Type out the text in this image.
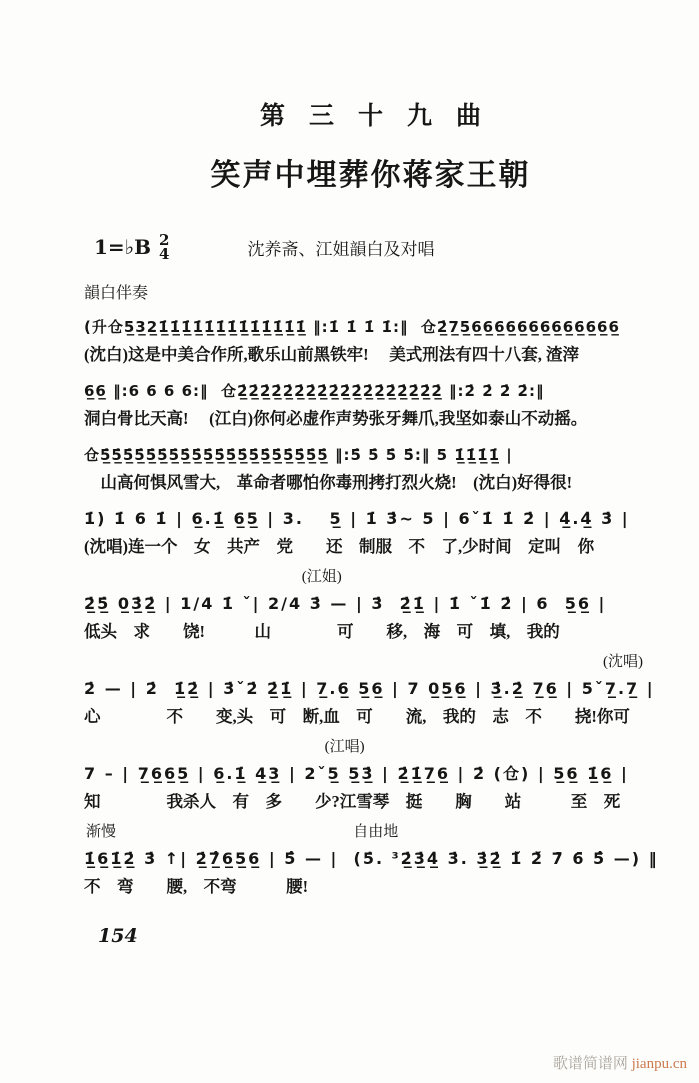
第三十九曲
笑声中埋葬你蒋家王朝
1=♭B 2
4	沈养斋、江姐韻白及对唱
韻白伴奏
(升仓5̲3̲2̲1̲̇1̲̇1̲̇1̲̇1̲̇1̲̇1̲̇1̲̇1̲̇1̲̇1̲̇1̲̇1̲̇ ‖:1̇ 1̇ 1̇ 1̇:‖  仓2̲̇7̲5̲6̲6̲6̲6̲6̲6̲6̲6̲6̲6̲6̲6̲6̲
(沈白)这是中美合作所,歌乐山前黑铁牢!　 美式刑法有四十八套, 渣滓
6̲6̲ ‖:6 6 6 6:‖  仓2̲̇2̲̇2̲̇2̲̇2̲̇2̲̇2̲̇2̲̇2̲̇2̲̇2̲̇2̲̇2̲̇2̲̇2̲̇2̲̇2̲̇2̲̇ ‖:2̇ 2̇ 2̇ 2̇:‖
洞白骨比天高!　 (江白)你何必虚作声势张牙舞爪,我坚如泰山不动摇。
仓5̲̇5̲̇5̲̇5̲̇5̲̇5̲̇5̲̇5̲̇5̲̇5̲̇5̲̇5̲̇5̲̇5̲̇5̲̇5̲̇5̲̇5̲̇5̲̇5̲̇ ‖:5̇ 5̇ 5̇ 5̇:‖ 5 1̲̇1̲̇1̲̇1̲̇ |
　山高何惧风雪大,　革命者哪怕你毒刑拷打烈火烧!　(沈白)好得很!
1̇) 1̇ 6 1̇ | 6̲.1̲̇ 6̲5̲ | 3.　 5̲ | 1̇ 3̇~ 5 | 6ˇ1̇ 1̇ 2̇ | 4̲̇.4̲̇ 3̇ |
(沈唱)连一个　女　共产　党　　还　制服　不　了,少时间　定叫　你
(江姐)
2̲̇5̲̇ 0̲3̲̇2̲̇ | 1/4 1̇ ˇ| 2/4 3̇ — | 3̇  2̲̇1̲̇ | 1̇ ˇ1̇ 2̇ | 6  5̲6̲ |
低头　求　　饶!　　　山　　　　可　　移,　海　可　填,　我的
(沈唱)
2̇ — | 2̇  1̲̇2̲̇ | 3̇ˇ2̇ 2̲̇1̲̇ | 7̲.6̲ 5̲6̲ | 7 0̲5̲6̲ | 3̲̇.2̲̇ 7̲6̲ | 5ˇ7̲.7̲ |
心　　　　不　　变,头　可　断,血　可　　流,　我的　志　不　　挠!你可
(江唱)
7 – | 7̲6̲6̲5̲ | 6̲.1̲̇ 4̲3̲ | 2ˇ5̲ 5̲3̲̇ | 2̲̇1̲̇7̲6̲ | 2̇ (仓) | 5̲6̲ 1̲̇6̲ |
知　　　　我杀人　有　多　　少?江雪琴　挺　　胸　　站　　　至　死
渐慢	自由地
1̲̇6̲1̲̇2̲̇ 3̇ ↑| 2̲̇7̲̂6̲5̲6̲ | 5̂ — |  (5̇. ³2̲̇3̲̇4̲̇ 3̇. 3̲̇2̲̇ 1̇̆ 2̇̆ 7̄ 6̄ 5̂̇ —) ‖
不　弯　　腰,　不弯　　　腰!
154
歌谱简谱网 jianpu.cn
